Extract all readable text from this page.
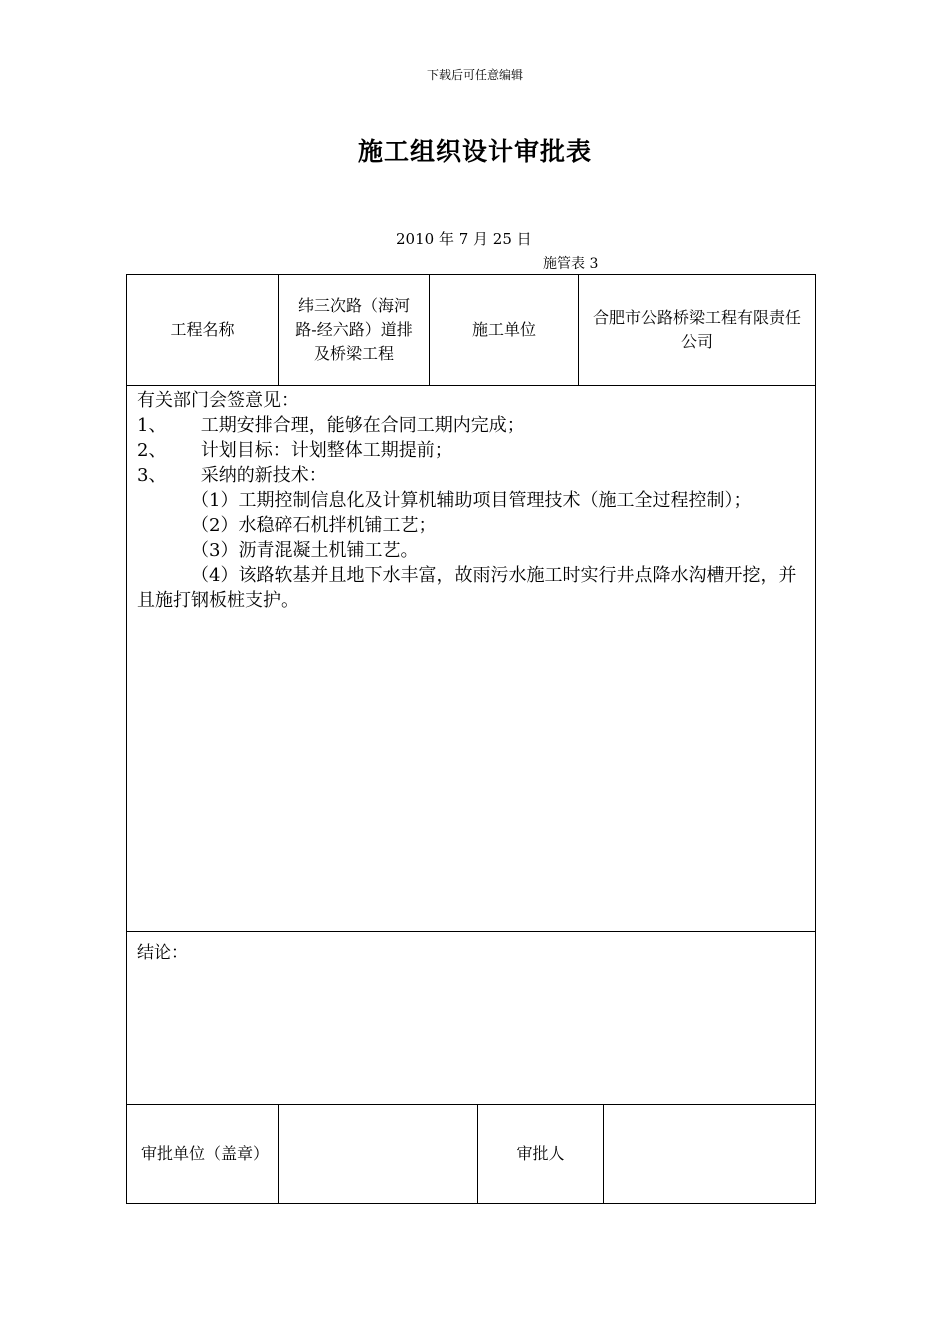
下载后可任意编辑
施工组织设计审批表
2010 年 7 月 25 日
施管表 3
工程名称
纬三次路（海河路-经六路）道排及桥梁工程
施工单位
合肥市公路桥梁工程有限责任公司
有关部门会签意见：
1、      工期安排合理，能够在合同工期内完成；
2、      计划目标：计划整体工期提前；
3、      采纳的新技术：
（1）工期控制信息化及计算机辅助项目管理技术（施工全过程控制）；
（2）水稳碎石机拌机铺工艺；
（3）沥青混凝土机铺工艺。
（4）该路软基并且地下水丰富，故雨污水施工时实行井点降水沟槽开挖，并且施打钢板桩支护。
结论：
审批单位（盖章）	审批人
